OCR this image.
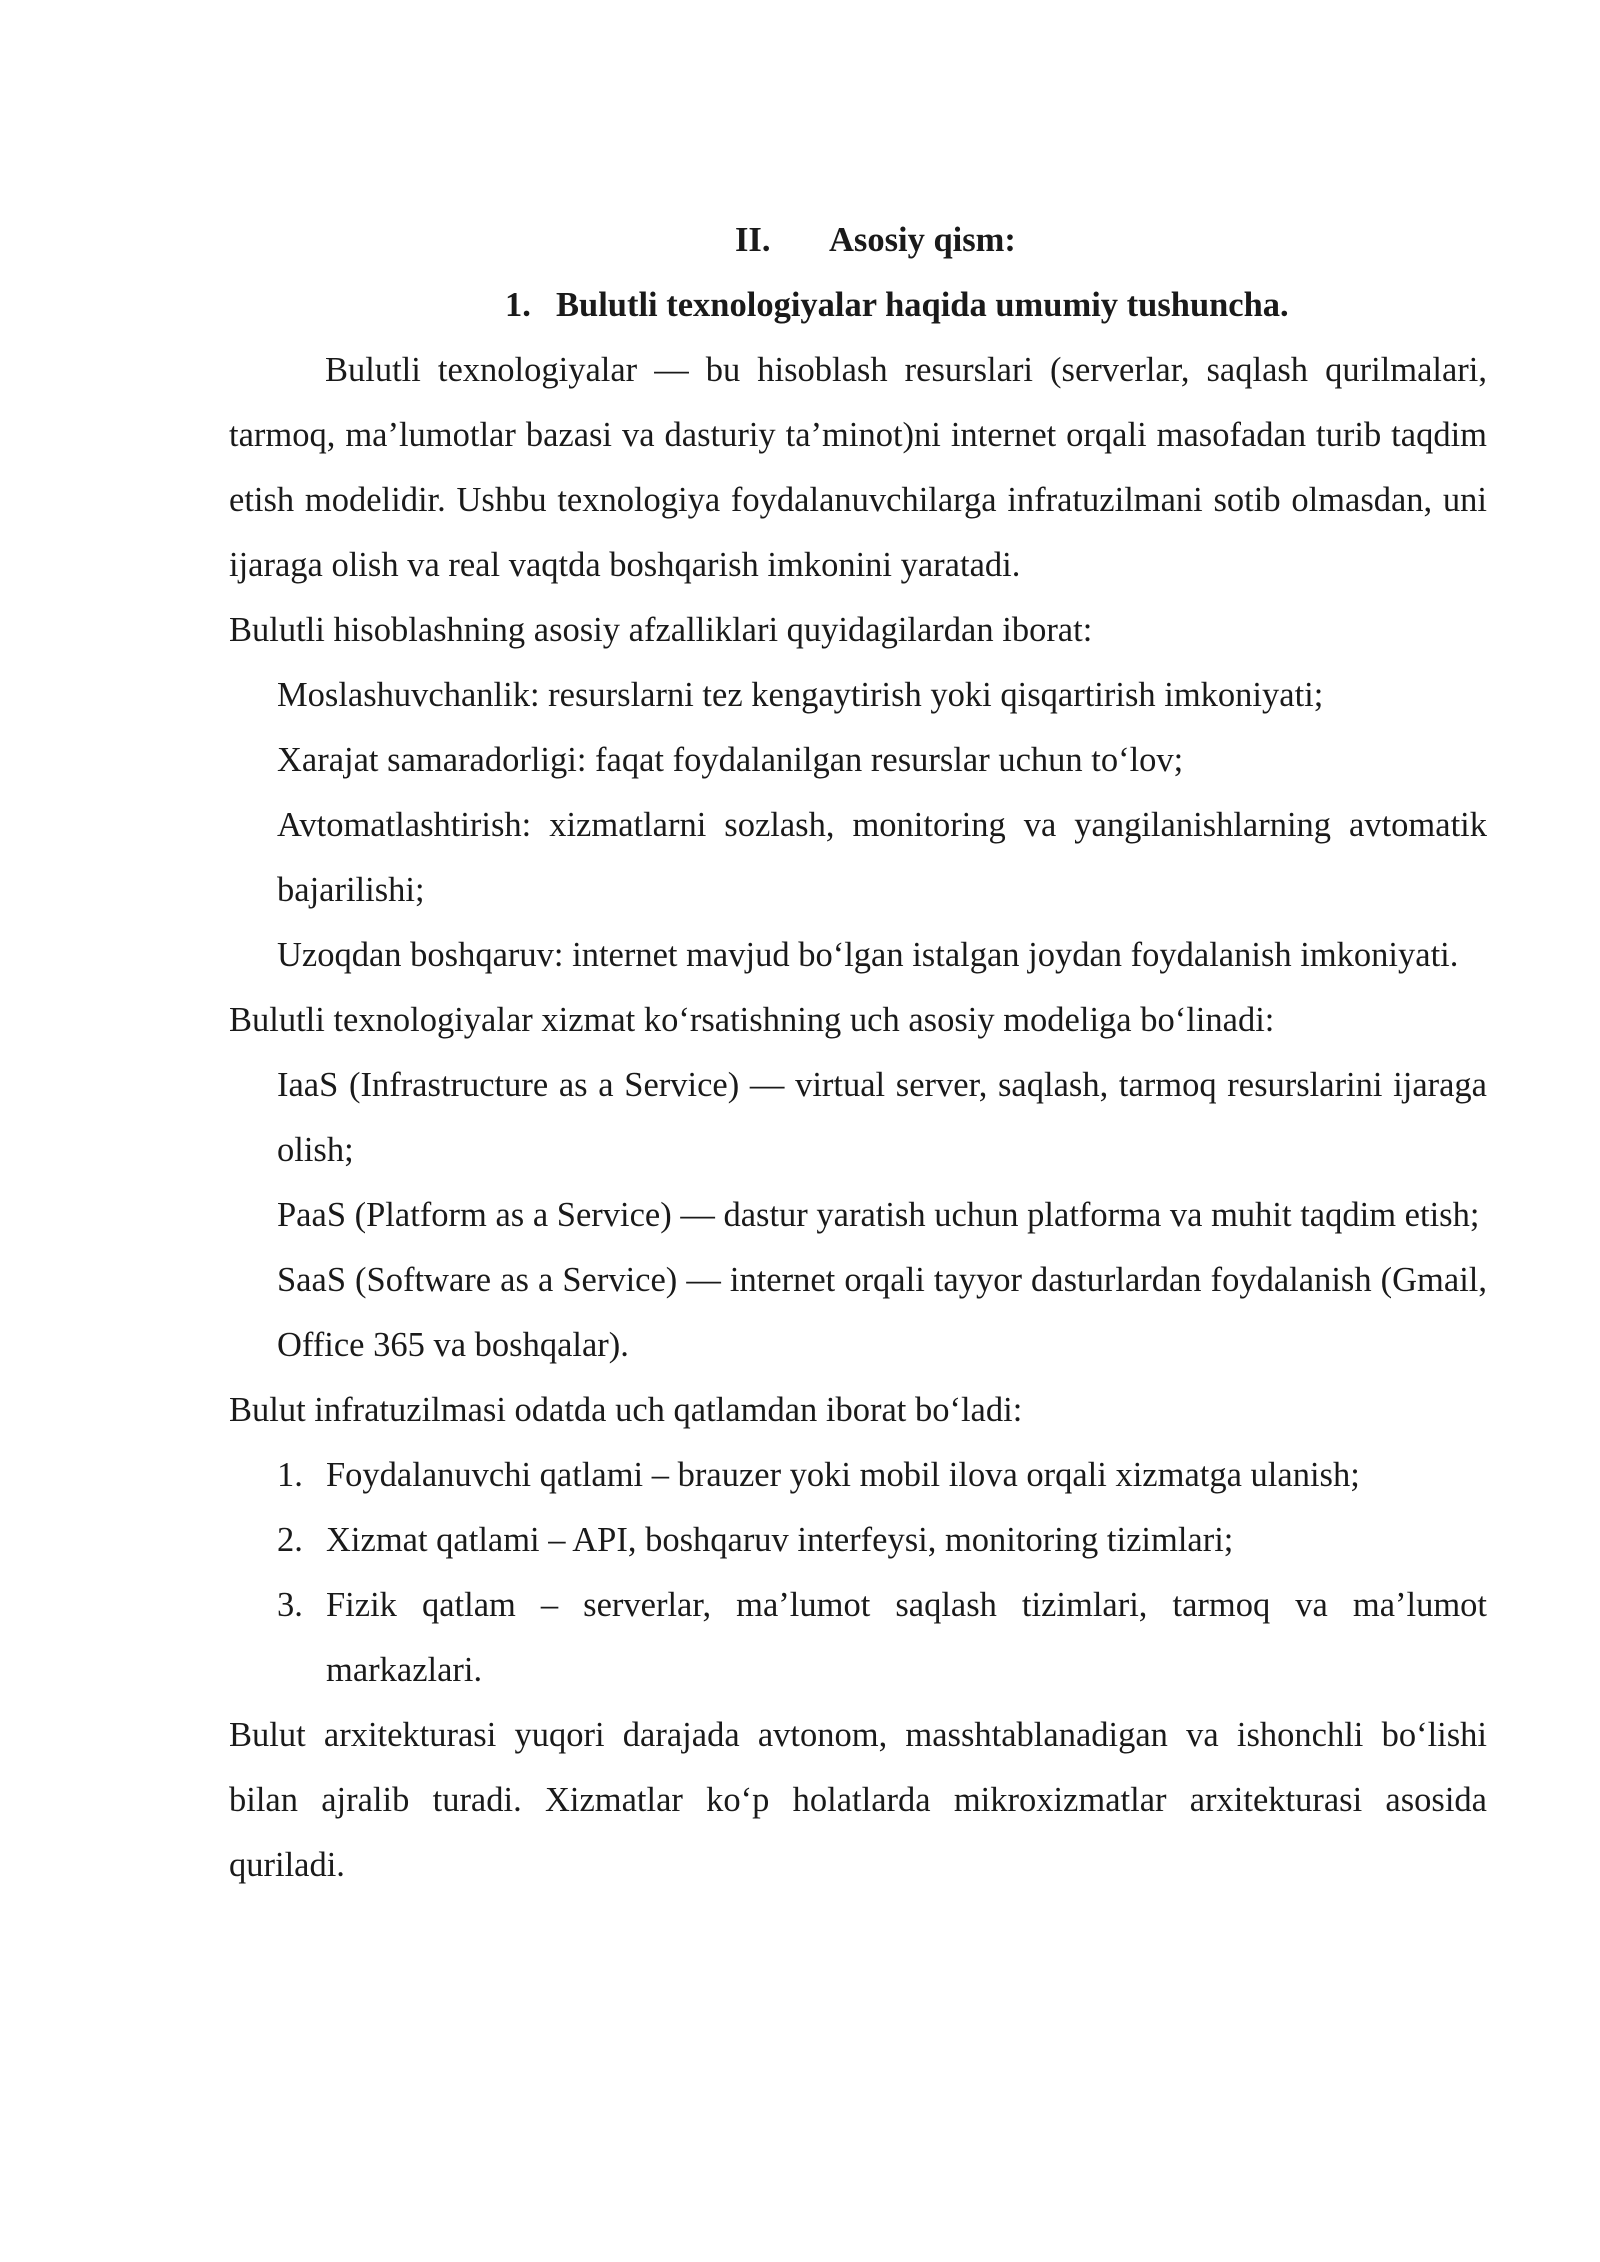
II. Asosiy qism:
1. Bulutli texnologiyalar haqida umumiy tushuncha.

Bulutli texnologiyalar — bu hisoblash resurslari (serverlar, saqlash qurilmalari, tarmoq, ma’lumotlar bazasi va dasturiy ta’minot)ni internet orqali masofadan turib taqdim etish modelidir. Ushbu texnologiya foydalanuvchilarga infratuzilmani sotib olmasdan, uni ijaraga olish va real vaqtda boshqarish imkonini yaratadi.

Bulutli hisoblashning asosiy afzalliklari quyidagilardan iborat:

Moslashuvchanlik: resurslarni tez kengaytirish yoki qisqartirish imkoniyati;

Xarajat samaradorligi: faqat foydalanilgan resurslar uchun to‘lov;

Avtomatlashtirish: xizmatlarni sozlash, monitoring va yangilanishlarning avtomatik bajarilishi;

Uzoqdan boshqaruv: internet mavjud bo‘lgan istalgan joydan foydalanish imkoniyati.

Bulutli texnologiyalar xizmat ko‘rsatishning uch asosiy modeliga bo‘linadi:

IaaS (Infrastructure as a Service) — virtual server, saqlash, tarmoq resurslarini ijaraga olish;

PaaS (Platform as a Service) — dastur yaratish uchun platforma va muhit taqdim etish;

SaaS (Software as a Service) — internet orqali tayyor dasturlardan foydalanish (Gmail, Office 365 va boshqalar).

Bulut infratuzilmasi odatda uch qatlamdan iborat bo‘ladi:

1. Foydalanuvchi qatlami – brauzer yoki mobil ilova orqali xizmatga ulanish;

2. Xizmat qatlami – API, boshqaruv interfeysi, monitoring tizimlari;

3. Fizik qatlam – serverlar, ma’lumot saqlash tizimlari, tarmoq va ma’lumot markazlari.

Bulut arxitekturasi yuqori darajada avtonom, masshtablanadigan va ishonchli bo‘lishi bilan ajralib turadi. Xizmatlar ko‘p holatlarda mikroxizmatlar arxitekturasi asosida quriladi.
